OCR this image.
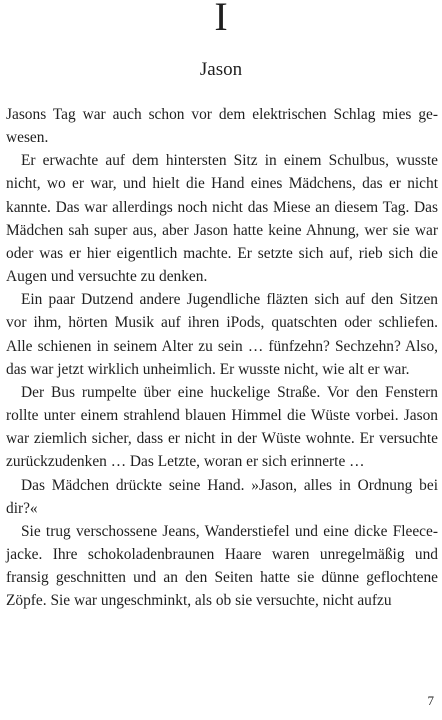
I
Jason

Jasons Tag war auch schon vor dem elektrischen Schlag mies gewesen.

Er erwachte auf dem hintersten Sitz in einem Schulbus, wusste nicht, wo er war, und hielt die Hand eines Mädchens, das er nicht kannte. Das war allerdings noch nicht das Miese an diesem Tag. Das Mädchen sah super aus, aber Jason hatte keine Ahnung, wer sie war oder was er hier eigentlich machte. Er setzte sich auf, rieb sich die Augen und versuchte zu denken.

Ein paar Dutzend andere Jugendliche fläzten sich auf den Sitzen vor ihm, hörten Musik auf ihren iPods, quatschten oder schliefen. Alle schienen in seinem Alter zu sein … fünfzehn? Sechzehn? Also, das war jetzt wirklich unheimlich. Er wusste nicht, wie alt er war.

Der Bus rumpelte über eine huckelige Straße. Vor den Fenstern rollte unter einem strahlend blauen Himmel die Wüste vorbei. Jason war ziemlich sicher, dass er nicht in der Wüste wohnte. Er versuchte zurückzudenken … Das Letzte, woran er sich erinnerte …

Das Mädchen drückte seine Hand. »Jason, alles in Ordnung bei dir?«

Sie trug verschossene Jeans, Wanderstiefel und eine dicke Fleecejacke. Ihre schokoladenbraunen Haare waren unregelmäßig und fransig geschnitten und an den Seiten hatte sie dünne geflochtene Zöpfe. Sie war ungeschminkt, als ob sie versuchte, nicht aufzu

7
